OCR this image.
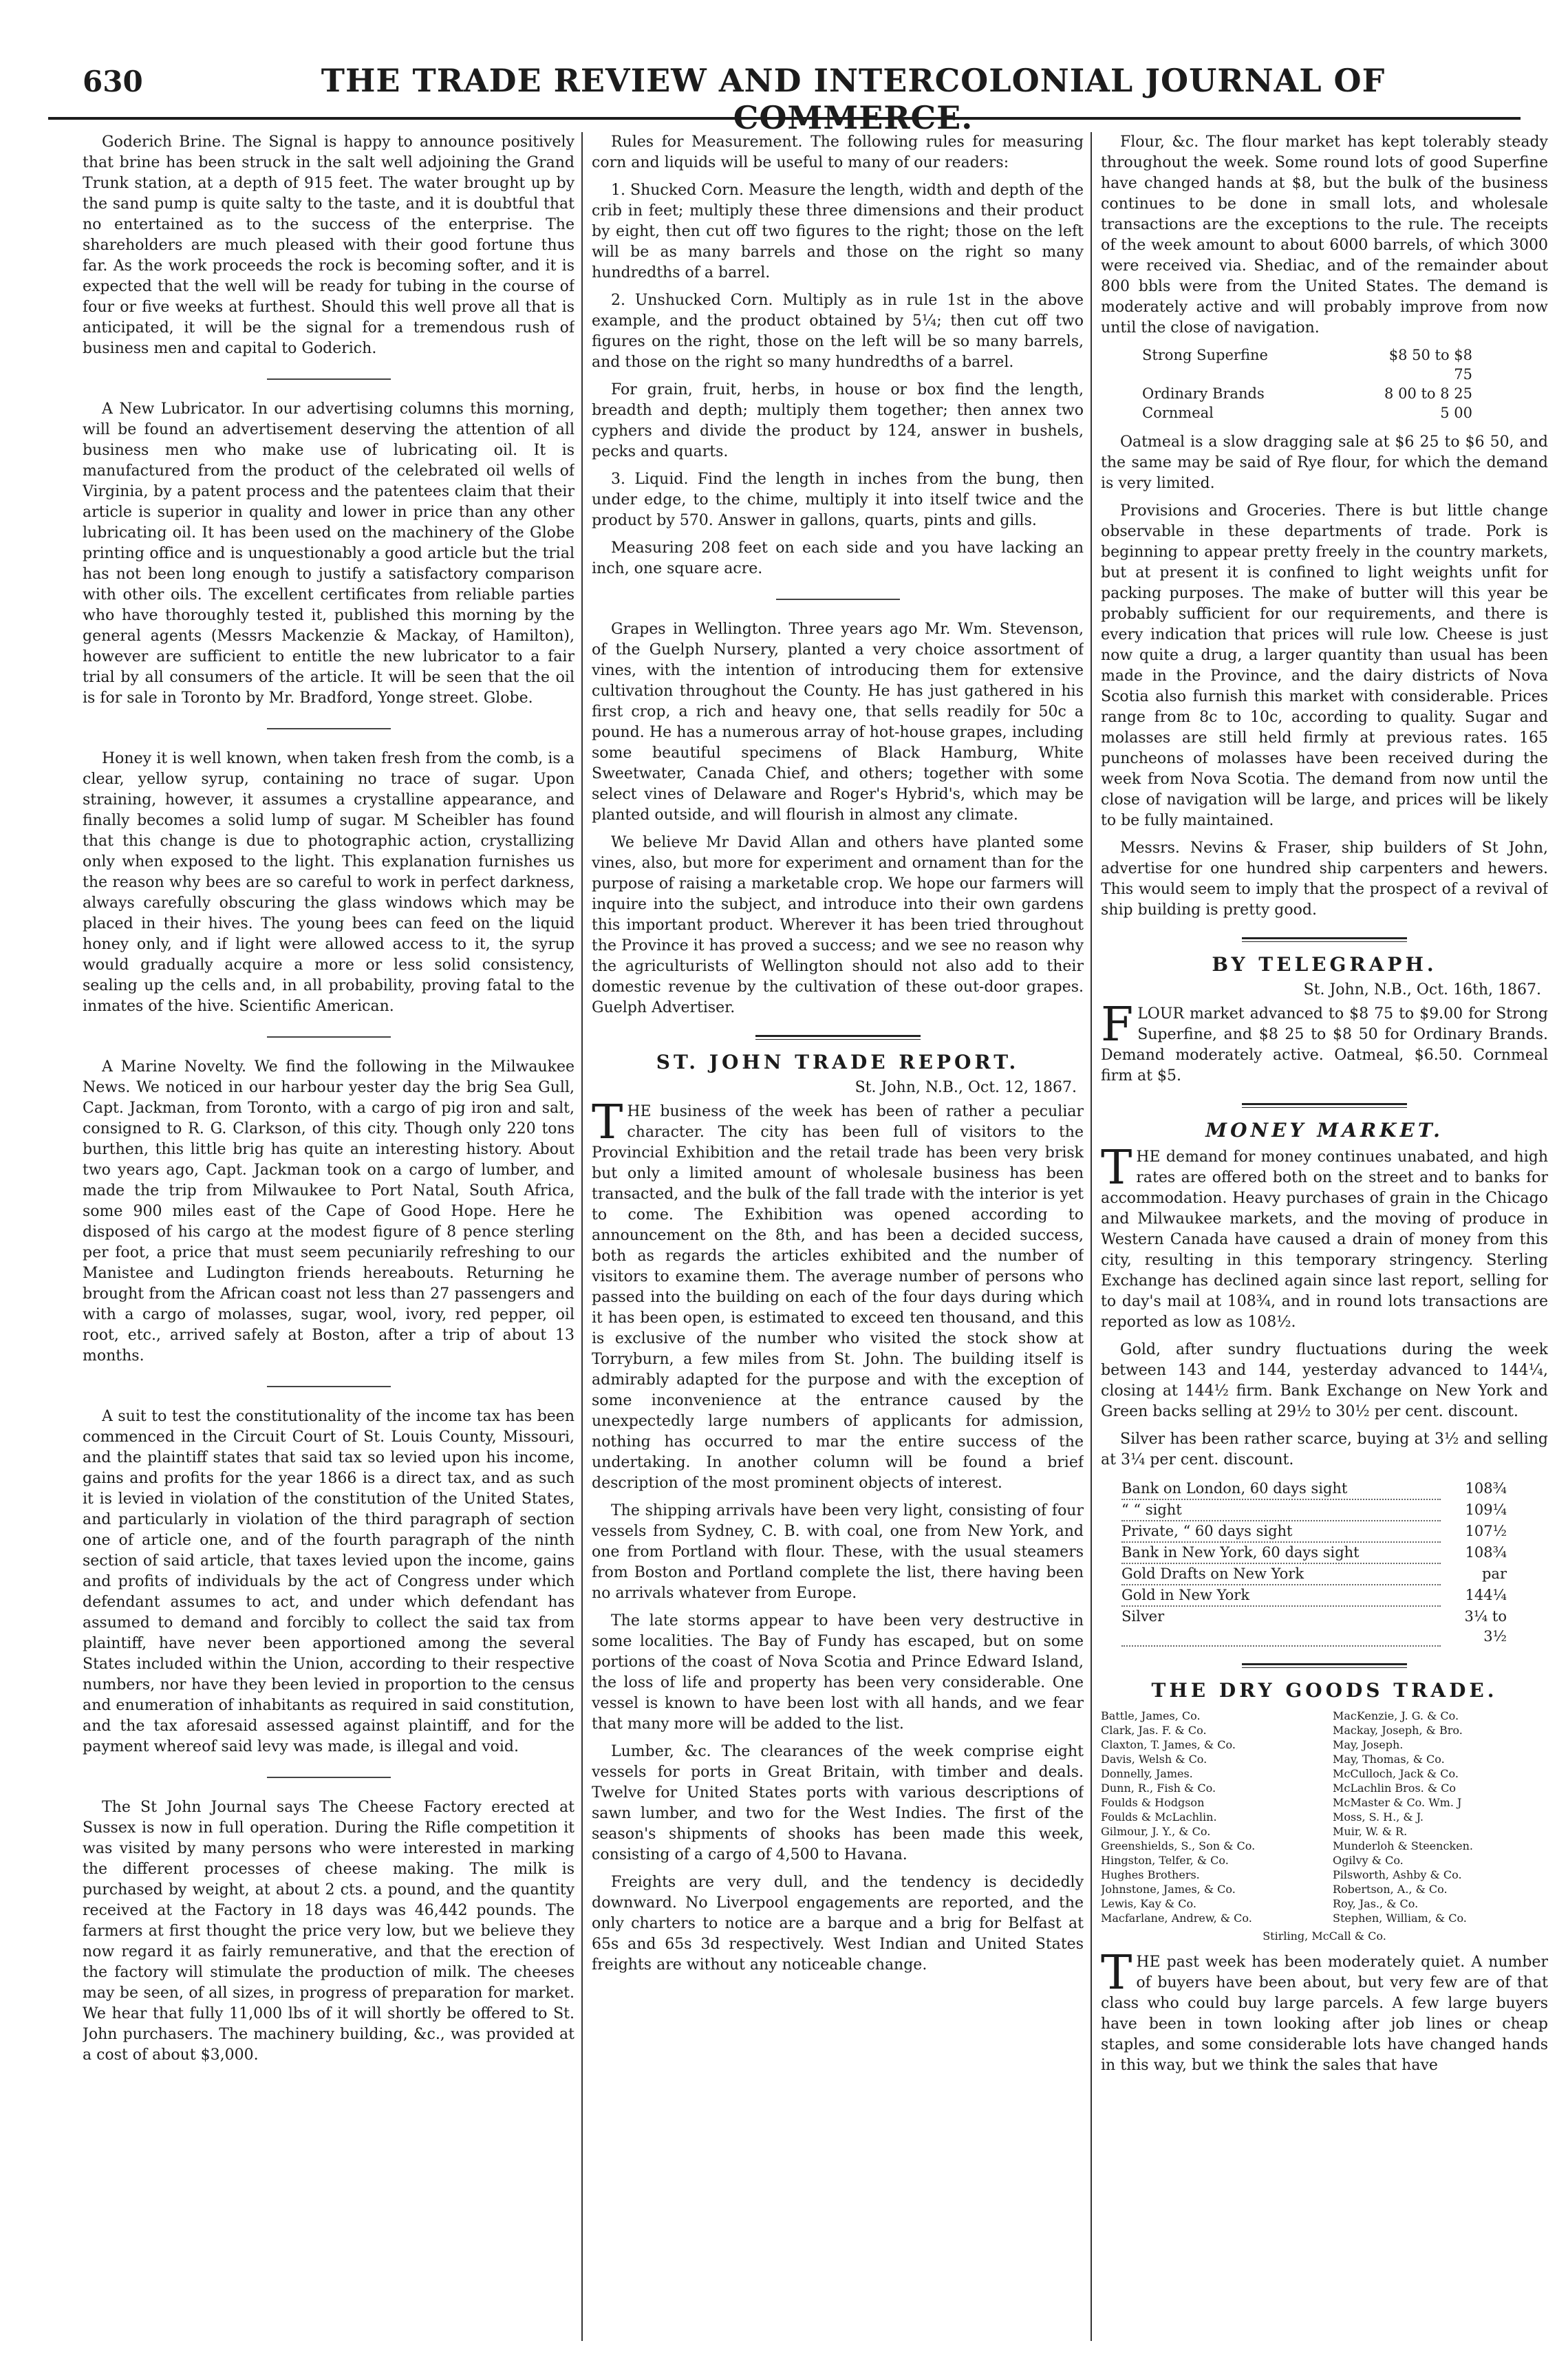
630	THE TRADE REVIEW AND INTERCOLONIAL JOURNAL OF COMMERCE.

Goderich Brine. The Signal is happy to announce positively that brine has been struck in the salt well adjoining the Grand Trunk station, at a depth of 915 feet. The water brought up by the sand pump is quite salty to the taste, and it is doubtful that no entertained as to the success of the enterprise. The shareholders are much pleased with their good fortune thus far. As the work proceeds the rock is becoming softer, and it is expected that the well will be ready for tubing in the course of four or five weeks at furthest. Should this well prove all that is anticipated, it will be the signal for a tremendous rush of business men and capital to Goderich.

A New Lubricator. In our advertising columns this morning, will be found an advertisement deserving the attention of all business men who make use of lubricating oil. It is manufactured from the product of the celebrated oil wells of Virginia, by a patent process and the patentees claim that their article is superior in quality and lower in price than any other lubricating oil. It has been used on the machinery of the Globe printing office and is unquestionably a good article but the trial has not been long enough to justify a satisfactory comparison with other oils. The excellent certificates from reliable parties who have thoroughly tested it, published this morning by the general agents (Messrs Mackenzie & Mackay, of Hamilton), however are sufficient to entitle the new lubricator to a fair trial by all consumers of the article. It will be seen that the oil is for sale in Toronto by Mr. Bradford, Yonge street. Globe.

Honey it is well known, when taken fresh from the comb, is a clear, yellow syrup, containing no trace of sugar. Upon straining, however, it assumes a crystalline appearance, and finally becomes a solid lump of sugar. M Scheibler has found that this change is due to photographic action, crystallizing only when exposed to the light. This explanation furnishes us the reason why bees are so careful to work in perfect darkness, always carefully obscuring the glass windows which may be placed in their hives. The young bees can feed on the liquid honey only, and if light were allowed access to it, the syrup would gradually acquire a more or less solid consistency, sealing up the cells and, in all probability, proving fatal to the inmates of the hive. Scientific American.

A Marine Novelty. We find the following in the Milwaukee News. We noticed in our harbour yester day the brig Sea Gull, Capt. Jackman, from Toronto, with a cargo of pig iron and salt, consigned to R. G. Clarkson, of this city. Though only 220 tons burthen, this little brig has quite an interesting history. About two years ago, Capt. Jackman took on a cargo of lumber, and made the trip from Milwaukee to Port Natal, South Africa, some 900 miles east of the Cape of Good Hope. Here he disposed of his cargo at the modest figure of 8 pence sterling per foot, a price that must seem pecuniarily refreshing to our Manistee and Ludington friends hereabouts. Returning he brought from the African coast not less than 27 passengers and with a cargo of molasses, sugar, wool, ivory, red pepper, oil root, etc., arrived safely at Boston, after a trip of about 13 months.

A suit to test the constitutionality of the income tax has been commenced in the Circuit Court of St. Louis County, Missouri, and the plaintiff states that said tax so levied upon his income, gains and profits for the year 1866 is a direct tax, and as such it is levied in violation of the constitution of the United States, and particularly in violation of the third paragraph of section one of article one, and of the fourth paragraph of the ninth section of said article, that taxes levied upon the income, gains and profits of individuals by the act of Congress under which defendant assumes to act, and under which defendant has assumed to demand and forcibly to collect the said tax from plaintiff, have never been apportioned among the several States included within the Union, according to their respective numbers, nor have they been levied in proportion to the census and enumeration of inhabitants as required in said constitution, and the tax aforesaid assessed against plaintiff, and for the payment whereof said levy was made, is illegal and void.

The St John Journal says The Cheese Factory erected at Sussex is now in full operation. During the Rifle competition it was visited by many persons who were interested in marking the different processes of cheese making. The milk is purchased by weight, at about 2 cts. a pound, and the quantity received at the Factory in 18 days was 46,442 pounds. The farmers at first thought the price very low, but we believe they now regard it as fairly remunerative, and that the erection of the factory will stimulate the production of milk. The cheeses may be seen, of all sizes, in progress of preparation for market. We hear that fully 11,000 lbs of it will shortly be offered to St. John purchasers. The machinery building, &c., was provided at a cost of about $3,000.

Rules for Measurement. The following rules for measuring corn and liquids will be useful to many of our readers:

1. Shucked Corn. Measure the length, width and depth of the crib in feet; multiply these three dimensions and their product by eight, then cut off two figures to the right; those on the left will be as many barrels and those on the right so many hundredths of a barrel.

2. Unshucked Corn. Multiply as in rule 1st in the above example, and the product obtained by 5¼; then cut off two figures on the right, those on the left will be so many barrels, and those on the right so many hundredths of a barrel.

For grain, fruit, herbs, in house or box find the length, breadth and depth; multiply them together; then annex two cyphers and divide the product by 124, answer in bushels, pecks and quarts.

3. Liquid. Find the length in inches from the bung, then under edge, to the chime, multiply it into itself twice and the product by 570. Answer in gallons, quarts, pints and gills.

Measuring 208 feet on each side and you have lacking an inch, one square acre.

Grapes in Wellington. Three years ago Mr. Wm. Stevenson, of the Guelph Nursery, planted a very choice assortment of vines, with the intention of introducing them for extensive cultivation throughout the County. He has just gathered in his first crop, a rich and heavy one, that sells readily for 50c a pound. He has a numerous array of hot-house grapes, including some beautiful specimens of Black Hamburg, White Sweetwater, Canada Chief, and others; together with some select vines of Delaware and Roger's Hybrid's, which may be planted outside, and will flourish in almost any climate.

We believe Mr David Allan and others have planted some vines, also, but more for experiment and ornament than for the purpose of raising a marketable crop. We hope our farmers will inquire into the subject, and introduce into their own gardens this important product. Wherever it has been tried throughout the Province it has proved a success; and we see no reason why the agriculturists of Wellington should not also add to their domestic revenue by the cultivation of these out-door grapes. Guelph Advertiser.

ST. JOHN TRADE REPORT.
St. John, N.B., Oct. 12, 1867.

THE business of the week has been of rather a peculiar character. The city has been full of visitors to the Provincial Exhibition and the retail trade has been very brisk but only a limited amount of wholesale business has been transacted, and the bulk of the fall trade with the interior is yet to come. The Exhibition was opened according to announcement on the 8th, and has been a decided success, both as regards the articles exhibited and the number of visitors to examine them. The average number of persons who passed into the building on each of the four days during which it has been open, is estimated to exceed ten thousand, and this is exclusive of the number who visited the stock show at Torryburn, a few miles from St. John. The building itself is admirably adapted for the purpose and with the exception of some inconvenience at the entrance caused by the unexpectedly large numbers of applicants for admission, nothing has occurred to mar the entire success of the undertaking. In another column will be found a brief description of the most prominent objects of interest.

The shipping arrivals have been very light, consisting of four vessels from Sydney, C. B. with coal, one from New York, and one from Portland with flour. These, with the usual steamers from Boston and Portland complete the list, there having been no arrivals whatever from Europe.

The late storms appear to have been very destructive in some localities. The Bay of Fundy has escaped, but on some portions of the coast of Nova Scotia and Prince Edward Island, the loss of life and property has been very considerable. One vessel is known to have been lost with all hands, and we fear that many more will be added to the list.

Lumber, &c. The clearances of the week comprise eight vessels for ports in Great Britain, with timber and deals. Twelve for United States ports with various descriptions of sawn lumber, and two for the West Indies. The first of the season's shipments of shooks has been made this week, consisting of a cargo of 4,500 to Havana.

Freights are very dull, and the tendency is decidedly downward. No Liverpool engagements are reported, and the only charters to notice are a barque and a brig for Belfast at 65s and 65s 3d respectively. West Indian and United States freights are without any noticeable change.

Flour, &c. The flour market has kept tolerably steady throughout the week. Some round lots of good Superfine have changed hands at $8, but the bulk of the business continues to be done in small lots, and wholesale transactions are the exceptions to the rule. The receipts of the week amount to about 6000 barrels, of which 3000 were received via. Shediac, and of the remainder about 800 bbls were from the United States. The demand is moderately active and will probably improve from now until the close of navigation.

Strong Superfine	$8 50 to $8 75
Ordinary Brands	8 00 to 8 25
Cornmeal	5 00

Oatmeal is a slow dragging sale at $6 25 to $6 50, and the same may be said of Rye flour, for which the demand is very limited.

Provisions and Groceries. There is but little change observable in these departments of trade. Pork is beginning to appear pretty freely in the country markets, but at present it is confined to light weights unfit for packing purposes. The make of butter will this year be probably sufficient for our requirements, and there is every indication that prices will rule low. Cheese is just now quite a drug, a larger quantity than usual has been made in the Province, and the dairy districts of Nova Scotia also furnish this market with considerable. Prices range from 8c to 10c, according to quality. Sugar and molasses are still held firmly at previous rates. 165 puncheons of molasses have been received during the week from Nova Scotia. The demand from now until the close of navigation will be large, and prices will be likely to be fully maintained.

Messrs. Nevins & Fraser, ship builders of St John, advertise for one hundred ship carpenters and hewers. This would seem to imply that the prospect of a revival of ship building is pretty good.

BY TELEGRAPH.
St. John, N.B., Oct. 16th, 1867.

FLOUR market advanced to $8 75 to $9.00 for Strong Superfine, and $8 25 to $8 50 for Ordinary Brands. Demand moderately active. Oatmeal, $6.50. Cornmeal firm at $5.

MONEY MARKET.

THE demand for money continues unabated, and high rates are offered both on the street and to banks for accommodation. Heavy purchases of grain in the Chicago and Milwaukee markets, and the moving of produce in Western Canada have caused a drain of money from this city, resulting in this temporary stringency. Sterling Exchange has declined again since last report, selling for to day's mail at 108¾, and in round lots transactions are reported as low as 108½.

Gold, after sundry fluctuations during the week between 143 and 144, yesterday advanced to 144¼, closing at 144½ firm. Bank Exchange on New York and Green backs selling at 29½ to 30½ per cent. discount.

Silver has been rather scarce, buying at 3½ and selling at 3¼ per cent. discount.

Bank on London, 60 days sight	108¾
“ “ sight	109¼
Private, “ 60 days sight	107½
Bank in New York, 60 days sight	108¾
Gold Drafts on New York	par
Gold in New York	144¼
Silver	3¼ to 3½
THE DRY GOODS TRADE.
Battle, James, Co.
Clark, Jas. F. & Co.
Claxton, T. James, & Co.
Davis, Welsh & Co.
Donnelly, James.
Dunn, R., Fish & Co.
Foulds & Hodgson
Foulds & McLachlin.
Gilmour, J. Y., & Co.
Greenshields, S., Son & Co.
Hingston, Telfer, & Co.
Hughes Brothers.
Johnstone, James, & Co.
Lewis, Kay & Co.
Macfarlane, Andrew, & Co.
MacKenzie, J. G. & Co.
Mackay, Joseph, & Bro.
May, Joseph.
May, Thomas, & Co.
McCulloch, Jack & Co.
McLachlin Bros. & Co
McMaster & Co. Wm. J
Moss, S. H., & J.
Muir, W. & R.
Munderloh & Steencken.
Ogilvy & Co.
Pilsworth, Ashby & Co.
Robertson, A., & Co.
Roy, Jas., & Co.
Stephen, William, & Co.
Stirling, McCall & Co.

THE past week has been moderately quiet. A number of buyers have been about, but very few are of that class who could buy large parcels. A few large buyers have been in town looking after job lines or cheap staples, and some considerable lots have changed hands in this way, but we think the sales that have
